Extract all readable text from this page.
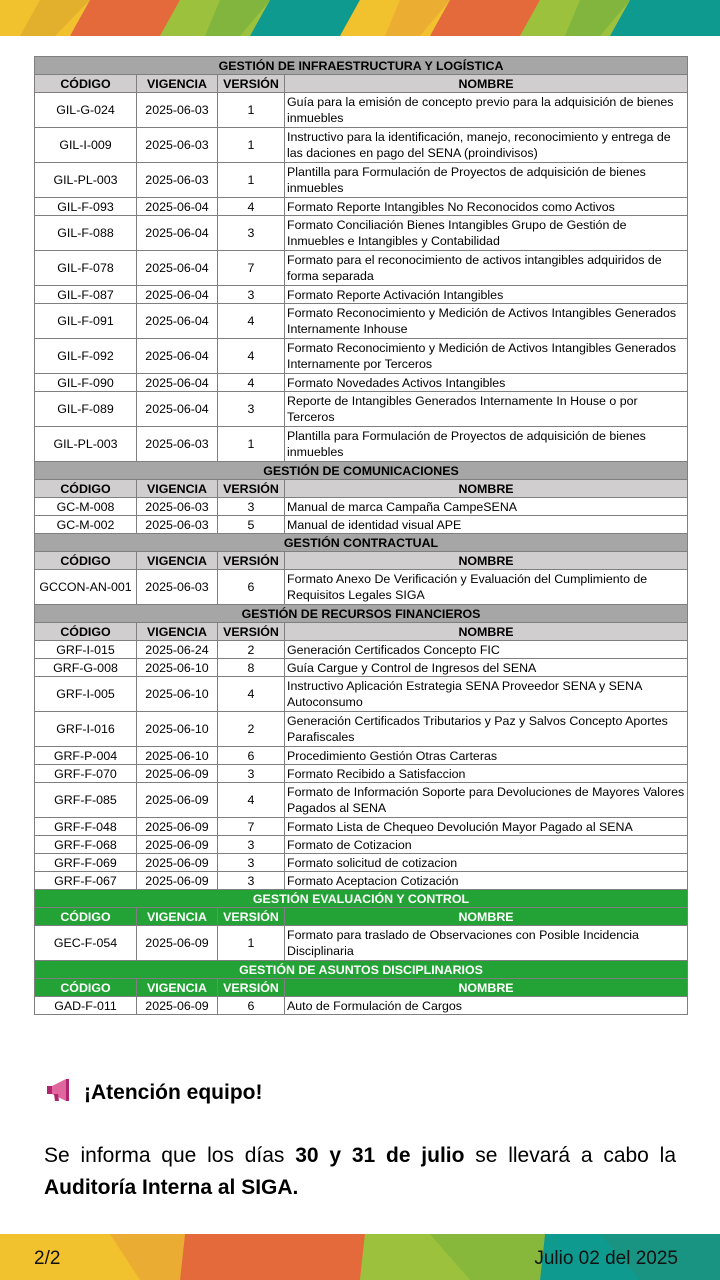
GESTIÓN DE INFRAESTRUCTURA Y LOGÍSTICA			
CÓDIGO	VIGENCIA	VERSIÓN	NOMBRE
GIL-G-024	2025-06-03	1	Guía para la emisión de concepto previo para la adquisición de bienes inmuebles
GIL-I-009	2025-06-03	1	Instructivo para la identificación, manejo, reconocimiento y entrega de las daciones en pago del SENA (proindivisos)
GIL-PL-003	2025-06-03	1	Plantilla para Formulación de Proyectos de adquisición de bienes inmuebles
GIL-F-093	2025-06-04	4	Formato Reporte Intangibles No Reconocidos como Activos
GIL-F-088	2025-06-04	3	Formato Conciliación Bienes Intangibles Grupo de Gestión de Inmuebles e Intangibles y Contabilidad
GIL-F-078	2025-06-04	7	Formato para el reconocimiento de activos intangibles adquiridos de forma separada
GIL-F-087	2025-06-04	3	Formato Reporte Activación Intangibles
GIL-F-091	2025-06-04	4	Formato Reconocimiento y Medición de Activos Intangibles Generados Internamente Inhouse
GIL-F-092	2025-06-04	4	Formato Reconocimiento y Medición de Activos Intangibles Generados Internamente por Terceros
GIL-F-090	2025-06-04	4	Formato Novedades Activos Intangibles
GIL-F-089	2025-06-04	3	Reporte de Intangibles Generados Internamente In House o por Terceros
GIL-PL-003	2025-06-03	1	Plantilla para Formulación de Proyectos de adquisición de bienes inmuebles
GESTIÓN DE COMUNICACIONES			
CÓDIGO	VIGENCIA	VERSIÓN	NOMBRE
GC-M-008	2025-06-03	3	Manual de marca Campaña CampeSENA
GC-M-002	2025-06-03	5	Manual de identidad visual APE
GESTIÓN CONTRACTUAL			
CÓDIGO	VIGENCIA	VERSIÓN	NOMBRE
GCCON-AN-001	2025-06-03	6	Formato Anexo De Verificación y Evaluación del Cumplimiento de Requisitos Legales SIGA
GESTIÓN DE RECURSOS FINANCIEROS			
CÓDIGO	VIGENCIA	VERSIÓN	NOMBRE
GRF-I-015	2025-06-24	2	Generación Certificados Concepto FIC
GRF-G-008	2025-06-10	8	Guía Cargue y Control de Ingresos del SENA
GRF-I-005	2025-06-10	4	Instructivo Aplicación Estrategia SENA Proveedor SENA y SENA Autoconsumo
GRF-I-016	2025-06-10	2	Generación Certificados Tributarios y Paz y Salvos Concepto Aportes Parafiscales
GRF-P-004	2025-06-10	6	Procedimiento Gestión Otras Carteras
GRF-F-070	2025-06-09	3	Formato Recibido a Satisfaccion
GRF-F-085	2025-06-09	4	Formato de Información Soporte para Devoluciones de Mayores Valores Pagados al SENA
GRF-F-048	2025-06-09	7	Formato Lista de Chequeo Devolución Mayor Pagado al SENA
GRF-F-068	2025-06-09	3	Formato de Cotizacion
GRF-F-069	2025-06-09	3	Formato solicitud de cotizacion
GRF-F-067	2025-06-09	3	Formato Aceptacion Cotización
GESTIÓN EVALUACIÓN Y CONTROL			
CÓDIGO	VIGENCIA	VERSIÓN	NOMBRE
GEC-F-054	2025-06-09	1	Formato para traslado de Observaciones con Posible Incidencia Disciplinaria
GESTIÓN DE ASUNTOS DISCIPLINARIOS			
CÓDIGO	VIGENCIA	VERSIÓN	NOMBRE
GAD-F-011	2025-06-09	6	Auto de Formulación de Cargos
¡Atención equipo!
Se informa que los días 30 y 31 de julio se llevará a cabo la Auditoría Interna al SIGA.
2/2	Julio 02 del 2025
